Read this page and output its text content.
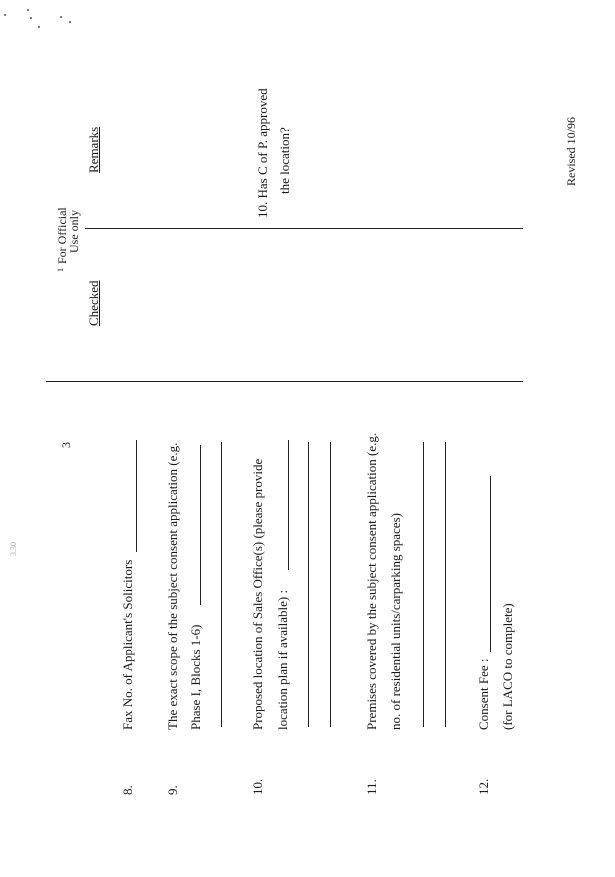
3
3.30
8.
Fax No. of Applicant's Solicitors
9.
The exact scope of the subject consent application (e.g. Phase I, Blocks 1-6)
10.
Proposed location of Sales Office(s) (please provide location plan if available) :
11.
Premises covered by the subject consent application (e.g. no. of residential units/carparking spaces)
12.
Consent Fee : (for LACO to complete)
1
For Official
Use only
Checked
Remarks	10. Has C of P. approved the location?	Revised 10/96
